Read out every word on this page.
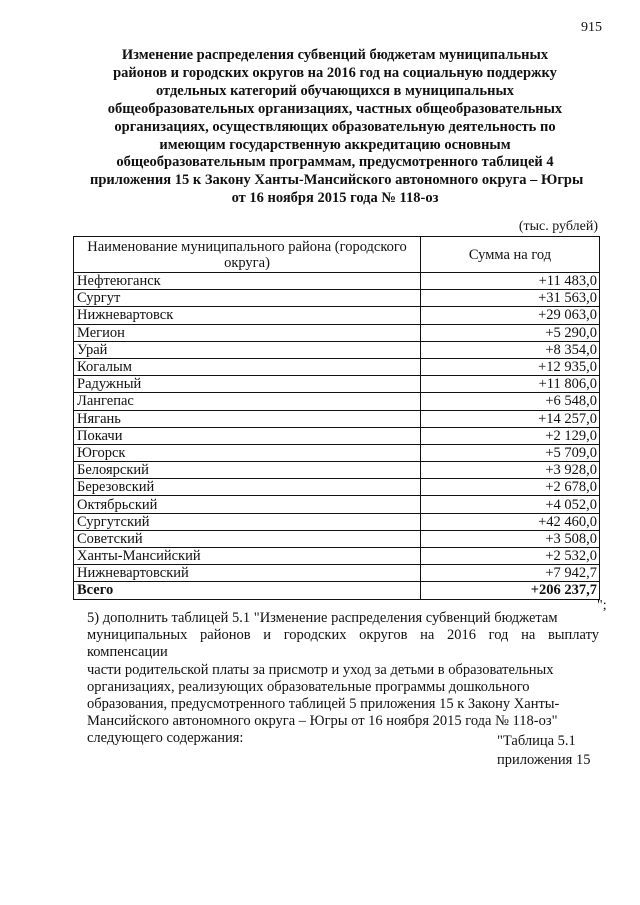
915
Изменение распределения субвенций бюджетам муниципальных
районов и городских округов на 2016 год на социальную поддержку
отдельных категорий обучающихся в муниципальных
общеобразовательных организациях, частных общеобразовательных
организациях, осуществляющих образовательную деятельность по
имеющим государственную аккредитацию основным
общеобразовательным программам, предусмотренного таблицей 4
приложения 15 к Закону Ханты-Мансийского автономного округа – Югры
от 16 ноября 2015 года № 118-оз
(тыс. рублей)
Наименование муниципального района (городского округа)	Сумма на год
Нефтеюганск	+11 483,0
Сургут	+31 563,0
Нижневартовск	+29 063,0
Мегион	+5 290,0
Урай	+8 354,0
Когалым	+12 935,0
Радужный	+11 806,0
Лангепас	+6 548,0
Нягань	+14 257,0
Покачи	+2 129,0
Югорск	+5 709,0
Белоярский	+3 928,0
Березовский	+2 678,0
Октябрьский	+4 052,0
Сургутский	+42 460,0
Советский	+3 508,0
Ханты-Мансийский	+2 532,0
Нижневартовский	+7 942,7
Всего	+206 237,7
";
5) дополнить таблицей 5.1 "Изменение распределения субвенций бюджетам
муниципальных районов и городских округов на 2016 год на выплату компенсации
части родительской платы за присмотр и уход за детьми в образовательных
организациях, реализующих образовательные программы дошкольного
образования, предусмотренного таблицей 5 приложения 15 к Закону Ханты-
Мансийского автономного округа – Югры от 16 ноября 2015 года № 118-оз"
следующего содержания:	"Таблица 5.1
приложения 15
